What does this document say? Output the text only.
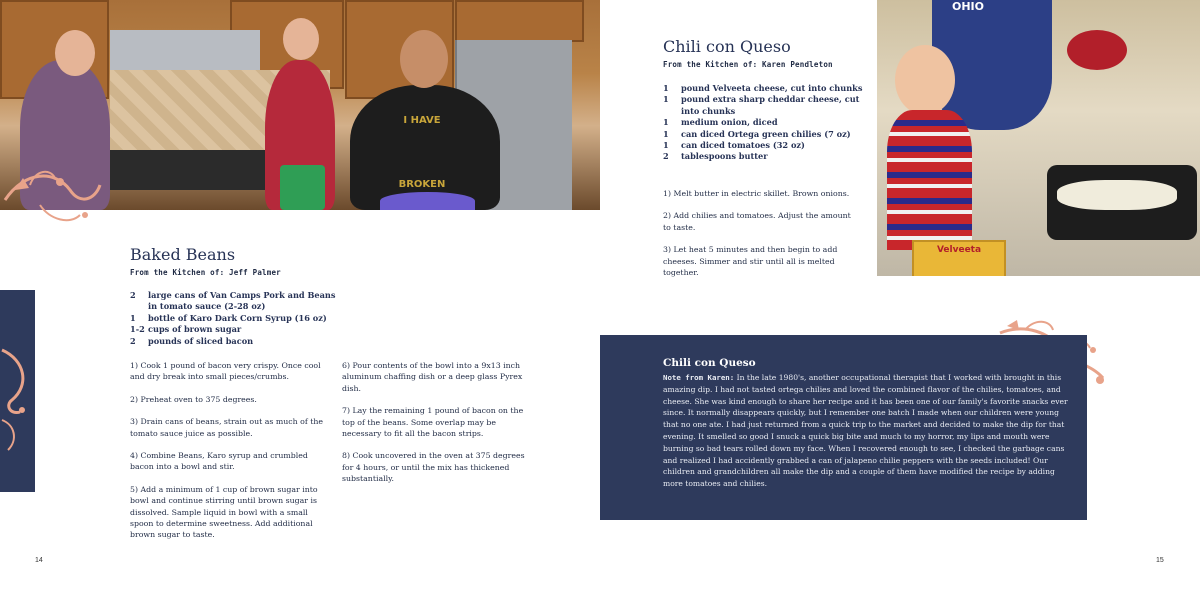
I HAVE
BROKEN
Baked Beans
From the Kitchen of: Jeff Palmer
2	large cans of Van Camps Pork and Beans in tomato sauce (2-28 oz)
1	bottle of Karo Dark Corn Syrup (16 oz)
1-2 cups of brown sugar
2	pounds of sliced bacon

1) Cook 1 pound of bacon very crispy. Once cool and dry break into small pieces/crumbs.

2) Preheat oven to 375 degrees.

3) Drain cans of beans, strain out as much of the tomato sauce juice as possible.

4) Combine Beans, Karo syrup and crumbled bacon into a bowl and stir.

5) Add a minimum of 1 cup of brown sugar into bowl and continue stirring until brown sugar is dissolved. Sample liquid in bowl with a small spoon to determine sweetness. Add additional brown sugar to taste.

6) Pour contents of the bowl into a 9x13 inch aluminum chaffing dish or a deep glass Pyrex dish.

7) Lay the remaining 1 pound of bacon on the top of the beans. Some overlap may be necessary to fit all the bacon strips.

8) Cook uncovered in the oven at 375 degrees for 4 hours, or until the mix has thickened substantially.

14
Chili con Queso
From the Kitchen of: Karen Pendleton
1	pound Velveeta cheese, cut into chunks
1	pound extra sharp cheddar cheese, cut into chunks
1	medium onion, diced
1	can diced Ortega green chilies (7 oz)
1	can diced tomatoes (32 oz)
2	tablespoons butter

1) Melt butter in electric skillet. Brown onions.

2) Add chilies and tomatoes. Adjust the amount to taste.

3) Let heat 5 minutes and then begin to add cheeses. Simmer and stir until all is melted together.

OHIO
Velveeta
Chili con Queso
Note from Karen: In the late 1980's, another occupational therapist that I worked with brought in this amazing dip. I had not tasted ortega chilies and loved the combined flavor of the chilies, tomatoes, and cheese. She was kind enough to share her recipe and it has been one of our family's favorite snacks ever since. It normally disappears quickly, but I remember one batch I made when our children were young that no one ate. I had just returned from a quick trip to the market and decided to make the dip for that evening. It smelled so good I snuck a quick big bite and much to my horror, my lips and mouth were burning so bad tears rolled down my face. When I recovered enough to see, I checked the garbage cans and realized I had accidently grabbed a can of jalapeno chilie peppers with the seeds included! Our children and grandchildren all make the dip and a couple of them have modified the recipe by adding more tomatoes and chilies.
15
